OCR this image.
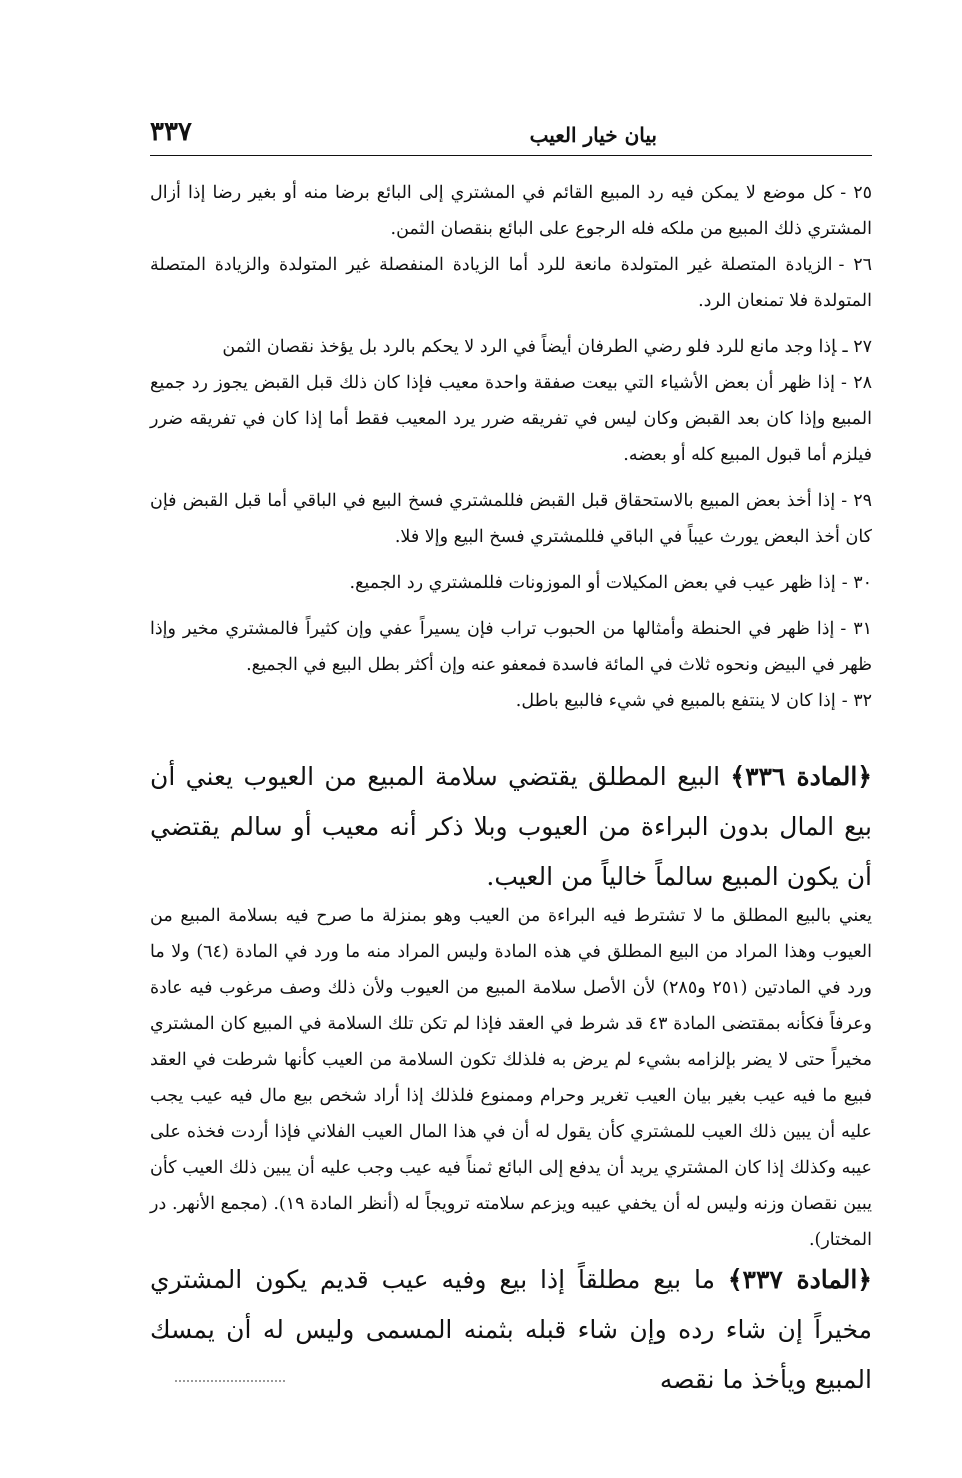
بيان خيار العيب
٣٣٧

٢٥ -كل موضع لا يمكن فيه رد المبيع القائم في المشتري إلى البائع برضا منه أو بغير رضا إذا أزال المشتري ذلك المبيع من ملكه فله الرجوع على البائع بنقصان الثمن.

٢٦ -الزيادة المتصلة غير المتولدة مانعة للرد أما الزيادة المنفصلة غير المتولدة والزيادة المتصلة المتولدة فلا تمنعان الرد.

٢٧ ـإذا وجد مانع للرد فلو رضي الطرفان أيضاً في الرد لا يحكم بالرد بل يؤخذ نقصان الثمن

٢٨ -إذا ظهر أن بعض الأشياء التي بيعت صفقة واحدة معيب فإذا كان ذلك قبل القبض يجوز رد جميع المبيع وإذا كان بعد القبض وكان ليس في تفريقه ضرر يرد المعيب فقط أما إذا كان في تفريقه ضرر فيلزم أما قبول المبيع كله أو بعضه.

٢٩ -إذا أخذ بعض المبيع بالاستحقاق قبل القبض فللمشتري فسخ البيع في الباقي أما قبل القبض فإن كان أخذ البعض يورث عيباً في الباقي فللمشتري فسخ البيع وإلا فلا.

٣٠ -إذا ظهر عيب في بعض المكيلات أو الموزونات فللمشتري رد الجميع.

٣١ -إذا ظهر في الحنطة وأمثالها من الحبوب تراب فإن يسيراً عفي وإن كثيراً فالمشتري مخير وإذا ظهر في البيض ونحوه ثلاث في المائة فاسدة فمعفو عنه وإن أكثر بطل البيع في الجميع.

٣٢ -إذا كان لا ينتفع بالمبيع في شيء فالبيع باطل.

﴿المادة ٣٣٦﴾ البيع المطلق يقتضي سلامة المبيع من العيوب يعني أن بيع المال بدون البراءة من العيوب وبلا ذكر أنه معيب أو سالم يقتضي أن يكون المبيع سالماً خالياً من العيب.

يعني بالبيع المطلق ما لا تشترط فيه البراءة من العيب وهو بمنزلة ما صرح فيه بسلامة المبيع من العيوب وهذا المراد من البيع المطلق في هذه المادة وليس المراد منه ما ورد في المادة (٦٤) ولا ما ورد في المادتين (٢٥١ و٢٨٥) لأن الأصل سلامة المبيع من العيوب ولأن ذلك وصف مرغوب فيه عادة وعرفاً فكأنه بمقتضى المادة ٤٣ قد شرط في العقد فإذا لم تكن تلك السلامة في المبيع كان المشتري مخيراً حتى لا يضر بإلزامه بشيء لم يرض به فلذلك تكون السلامة من العيب كأنها شرطت في العقد فبيع ما فيه عيب بغير بيان العيب تغرير وحرام وممنوع فلذلك إذا أراد شخص بيع مال فيه عيب يجب عليه أن يبين ذلك العيب للمشتري كأن يقول له أن في هذا المال العيب الفلاني فإذا أردت فخذه على عيبه وكذلك إذا كان المشتري يريد أن يدفع إلى البائع ثمناً فيه عيب وجب عليه أن يبين ذلك العيب كأن يبين نقصان وزنه وليس له أن يخفي عيبه ويزعم سلامته ترويجاً له (أنظر المادة ١٩). (مجمع الأنهر. در المختار).

﴿المادة ٣٣٧﴾ ما بيع مطلقاً إذا بيع وفيه عيب قديم يكون المشتري مخيراً إن شاء رده وإن شاء قبله بثمنه المسمى وليس له أن يمسك المبيع ويأخذ ما نقصه
